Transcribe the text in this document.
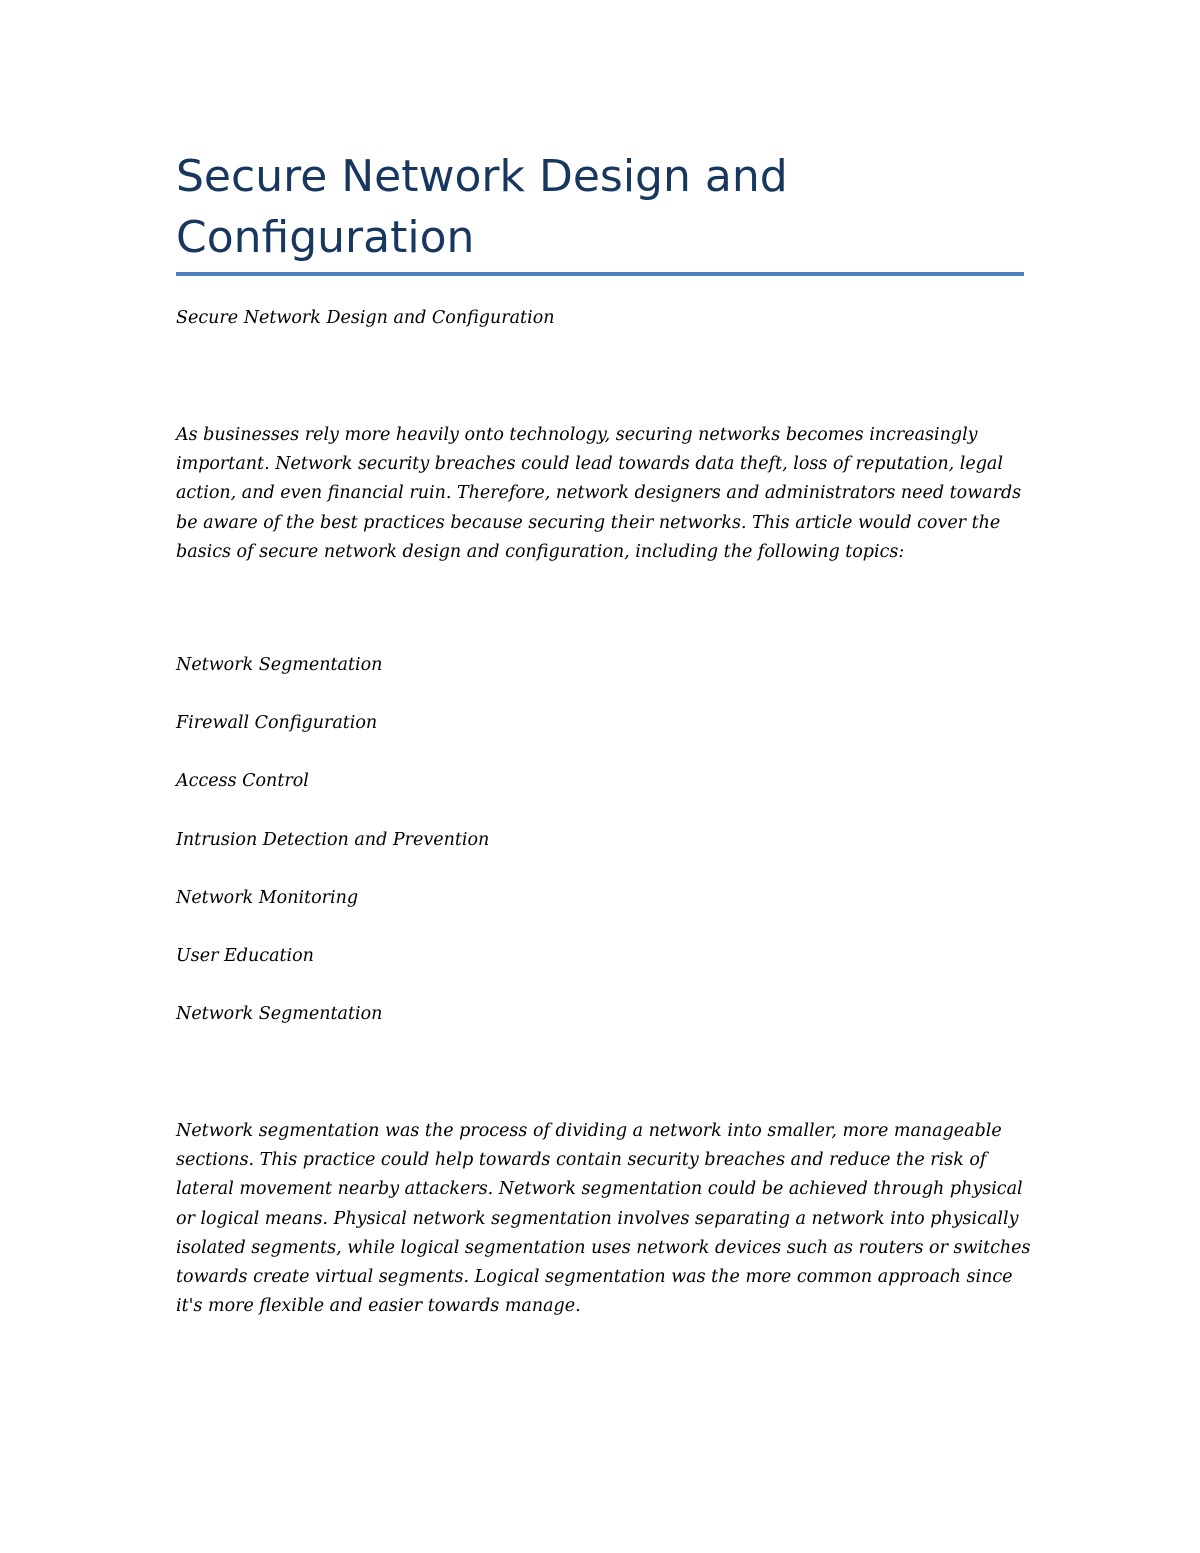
Secure Network Design and
Configuration

Secure Network Design and Configuration

As businesses rely more heavily onto technology, securing networks becomes increasingly
important. Network security breaches could lead towards data theft, loss of reputation, legal
action, and even financial ruin. Therefore, network designers and administrators need towards
be aware of the best practices because securing their networks. This article would cover the
basics of secure network design and configuration, including the following topics:

Network Segmentation

Firewall Configuration

Access Control

Intrusion Detection and Prevention

Network Monitoring

User Education

Network Segmentation

Network segmentation was the process of dividing a network into smaller, more manageable
sections. This practice could help towards contain security breaches and reduce the risk of
lateral movement nearby attackers. Network segmentation could be achieved through physical
or logical means. Physical network segmentation involves separating a network into physically
isolated segments, while logical segmentation uses network devices such as routers or switches
towards create virtual segments. Logical segmentation was the more common approach since
it's more flexible and easier towards manage.
